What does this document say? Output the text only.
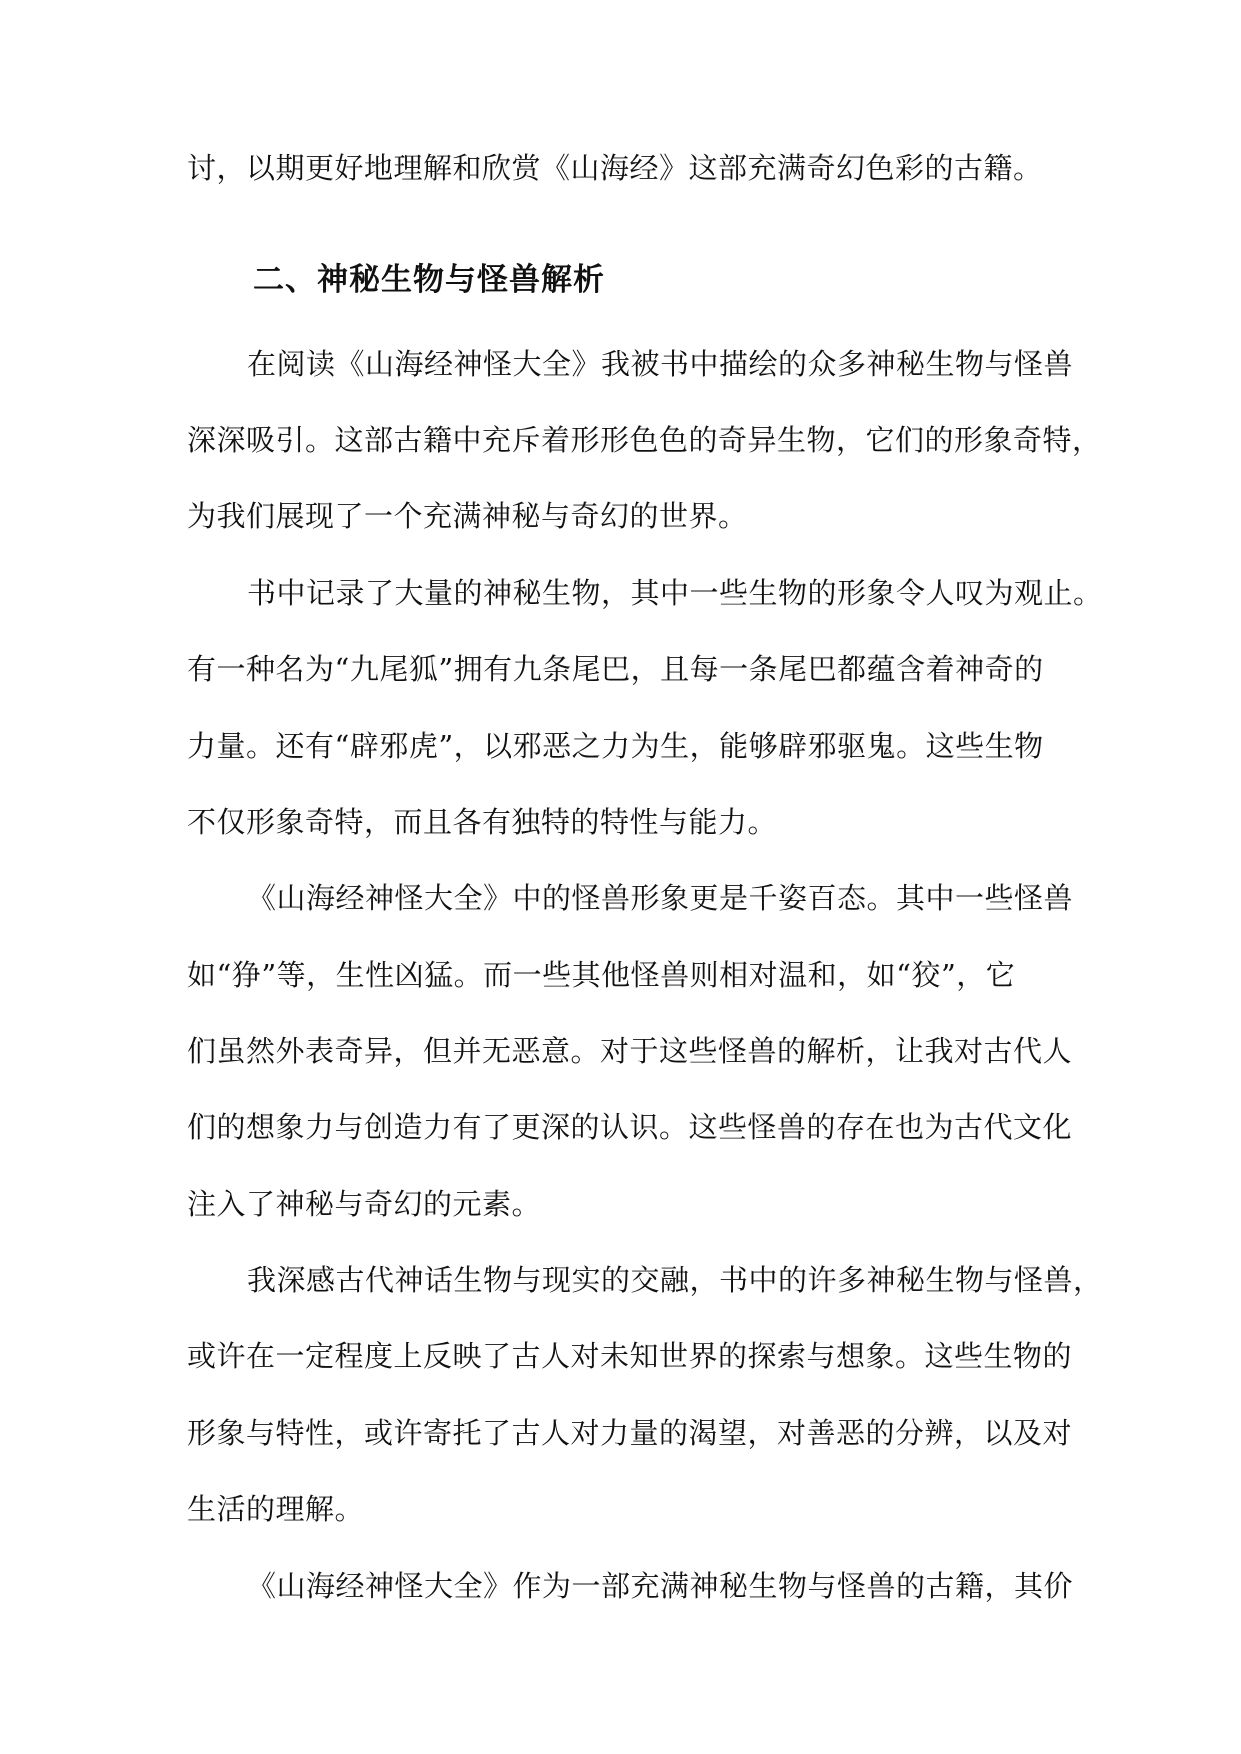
讨，以期更好地理解和欣赏《山海经》这部充满奇幻色彩的古籍。
二、神秘生物与怪兽解析
在阅读《山海经神怪大全》我被书中描绘的众多神秘生物与怪兽
深深吸引。这部古籍中充斥着形形色色的奇异生物，它们的形象奇特，
为我们展现了一个充满神秘与奇幻的世界。
书中记录了大量的神秘生物，其中一些生物的形象令人叹为观止。
有一种名为“九尾狐”拥有九条尾巴，且每一条尾巴都蕴含着神奇的
力量。还有“辟邪虎”，以邪恶之力为生，能够辟邪驱鬼。这些生物
不仅形象奇特，而且各有独特的特性与能力。
《山海经神怪大全》中的怪兽形象更是千姿百态。其中一些怪兽
如“狰”等，生性凶猛。而一些其他怪兽则相对温和，如“狡”，它
们虽然外表奇异，但并无恶意。对于这些怪兽的解析，让我对古代人
们的想象力与创造力有了更深的认识。这些怪兽的存在也为古代文化
注入了神秘与奇幻的元素。
我深感古代神话生物与现实的交融，书中的许多神秘生物与怪兽，
或许在一定程度上反映了古人对未知世界的探索与想象。这些生物的
形象与特性，或许寄托了古人对力量的渴望，对善恶的分辨，以及对
生活的理解。
《山海经神怪大全》作为一部充满神秘生物与怪兽的古籍，其价
